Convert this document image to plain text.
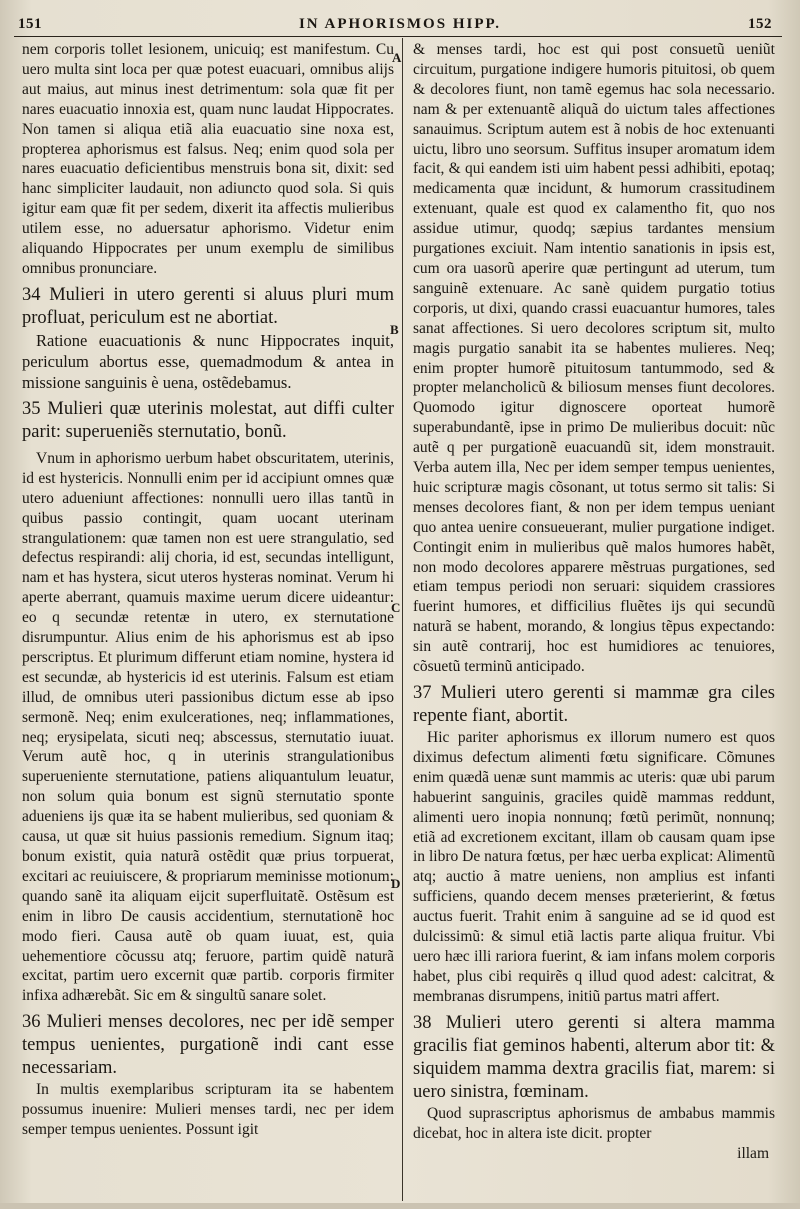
151	IN APHORISMOS HIPP.	152
A
B
C
D

nem corporis tollet lesionem, unicuiq; est manifestum. Cu uero multa sint loca per quæ potest euacuari, omnibus alijs aut maius, aut minus inest detrimentum: sola quæ fit per nares euacuatio innoxia est, quam nunc laudat Hippocrates. Non tamen si aliqua etiã alia euacuatio sine noxa est, propterea aphorismus est falsus. Neq; enim quod sola per nares euacuatio deficientibus menstruis bona sit, dixit: sed hanc simpliciter laudauit, non adiuncto quod sola. Si quis igitur eam quæ fit per sedem, dixerit ita affectis mulieribus utilem esse, no aduersatur aphorismo. Videtur enim aliquando Hippocrates per unum exemplu de similibus omnibus pronunciare.

34 Mulieri in utero gerenti si aluus pluri mum profluat, periculum est ne abortiat.

Ratione euacuationis & nunc Hippocrates inquit, periculum abortus esse, quemadmodum & antea in missione sanguinis è uena, ostẽdebamus.

35 Mulieri quæ uterinis molestat, aut diffi culter parit: superueniẽs sternutatio, bonũ.

Vnum in aphorismo uerbum habet obscuritatem, uterinis, id est hystericis. Nonnulli enim per id accipiunt omnes quæ utero adueniunt affectiones: nonnulli uero illas tantũ in quibus passio contingit, quam uocant uterinam strangulationem: quæ tamen non est uere strangulatio, sed defectus respirandi: alij choria, id est, secundas intelligunt, nam et has hystera, sicut uteros hysteras nominat. Verum hi aperte aberrant, quamuis maxime uerum dicere uideantur: eo q secundæ retentæ in utero, ex sternutatione disrumpuntur. Alius enim de his aphorismus est ab ipso perscriptus. Et plurimum differunt etiam nomine, hystera id est secundæ, ab hystericis id est uterinis. Falsum est etiam illud, de omnibus uteri passionibus dictum esse ab ipso sermonẽ. Neq; enim exulcerationes, neq; inflammationes, neq; erysipelata, sicuti neq; abscessus, sternutatio iuuat. Verum autẽ hoc, q in uterinis strangulationibus superueniente sternutatione, patiens aliquantulum leuatur, non solum quia bonum est signũ sternutatio sponte adueniens ijs quæ ita se habent mulieribus, sed quoniam & causa, ut quæ sit huius passionis remedium. Signum itaq; bonum existit, quia naturã ostẽdit quæ prius torpuerat, excitari ac reuiuiscere, & propriarum meminisse motionum: quando sanẽ ita aliquam eijcit superfluitatẽ. Ostẽsum est enim in libro De causis accidentium, sternutationẽ hoc modo fieri. Causa autẽ ob quam iuuat, est, quia uehementiore cõcussu atq; feruore, partim quidẽ naturã excitat, partim uero excernit quæ partib. corporis firmiter infixa adhærebãt. Sic em & singultũ sanare solet.

36 Mulieri menses decolores, nec per idẽ semper tempus uenientes, purgationẽ indi cant esse necessariam.

In multis exemplaribus scripturam ita se habentem possumus inuenire: Mulieri menses tardi, nec per idem semper tempus uenientes. Possunt igit

& menses tardi, hoc est qui post consuetũ ueniũt circuitum, purgatione indigere humoris pituitosi, ob quem & decolores fiunt, non tamẽ egemus hac sola necessario. nam & per extenuantẽ aliquã do uictum tales affectiones sanauimus. Scriptum autem est ã nobis de hoc extenuanti uictu, libro uno seorsum. Suffitus insuper aromatum idem facit, & qui eandem isti uim habent pessi adhibiti, epotaq; medicamenta quæ incidunt, & humorum crassitudinem extenuant, quale est quod ex calamentho fit, quo nos assidue utimur, quodq; sæpius tardantes mensium purgationes exciuit. Nam intentio sanationis in ipsis est, cum ora uasorũ aperire quæ pertingunt ad uterum, tum sanguinẽ extenuare. Ac sanè quidem purgatio totius corporis, ut dixi, quando crassi euacuantur humores, tales sanat affectiones. Si uero decolores scriptum sit, multo magis purgatio sanabit ita se habentes mulieres. Neq; enim propter humorẽ pituitosum tantummodo, sed & propter melancholicũ & biliosum menses fiunt decolores. Quomodo igitur dignoscere oporteat humorẽ superabundantẽ, ipse in primo De mulieribus docuit: nũc autẽ q per purgationẽ euacuandũ sit, idem monstrauit. Verba autem illa, Nec per idem semper tempus uenientes, huic scripturæ magis cõsonant, ut totus sermo sit talis: Si menses decolores fiant, & non per idem tempus ueniant quo antea uenire consueuerant, mulier purgatione indiget. Contingit enim in mulieribus quẽ malos humores habẽt, non modo decolores apparere mẽstruas purgationes, sed etiam tempus periodi non seruari: siquidem crassiores fuerint humores, et difficilius fluẽtes ijs qui secundũ naturã se habent, morando, & longius tẽpus expectando: sin autẽ contrarij, hoc est humidiores ac tenuiores, cõsuetũ terminũ anticipado.

37 Mulieri utero gerenti si mammæ gra ciles repente fiant, abortit.

Hic pariter aphorismus ex illorum numero est quos diximus defectum alimenti fœtu significare. Cõmunes enim quædã uenæ sunt mammis ac uteris: quæ ubi parum habuerint sanguinis, graciles quidẽ mammas reddunt, alimenti uero inopia nonnunq; fœtũ perimũt, nonnunq; etiã ad excretionem excitant, illam ob causam quam ipse in libro De natura fœtus, per hæc uerba explicat: Alimentũ atq; auctio ã matre ueniens, non amplius est infanti sufficiens, quando decem menses præterierint, & fœtus auctus fuerit. Trahit enim ã sanguine ad se id quod est dulcissimũ: & simul etiã lactis parte aliqua fruitur. Vbi uero hæc illi rariora fuerint, & iam infans molem corporis habet, plus cibi requirẽs q illud quod adest: calcitrat, & membranas disrumpens, initiũ partus matri affert.

38 Mulieri utero gerenti si altera mamma gracilis fiat geminos habenti, alterum abor tit: & siquidem mamma dextra gracilis fiat, marem: si uero sinistra, fœminam.

Quod suprascriptus aphorismus de ambabus mammis dicebat, hoc in altera iste dicit. propter

illam
